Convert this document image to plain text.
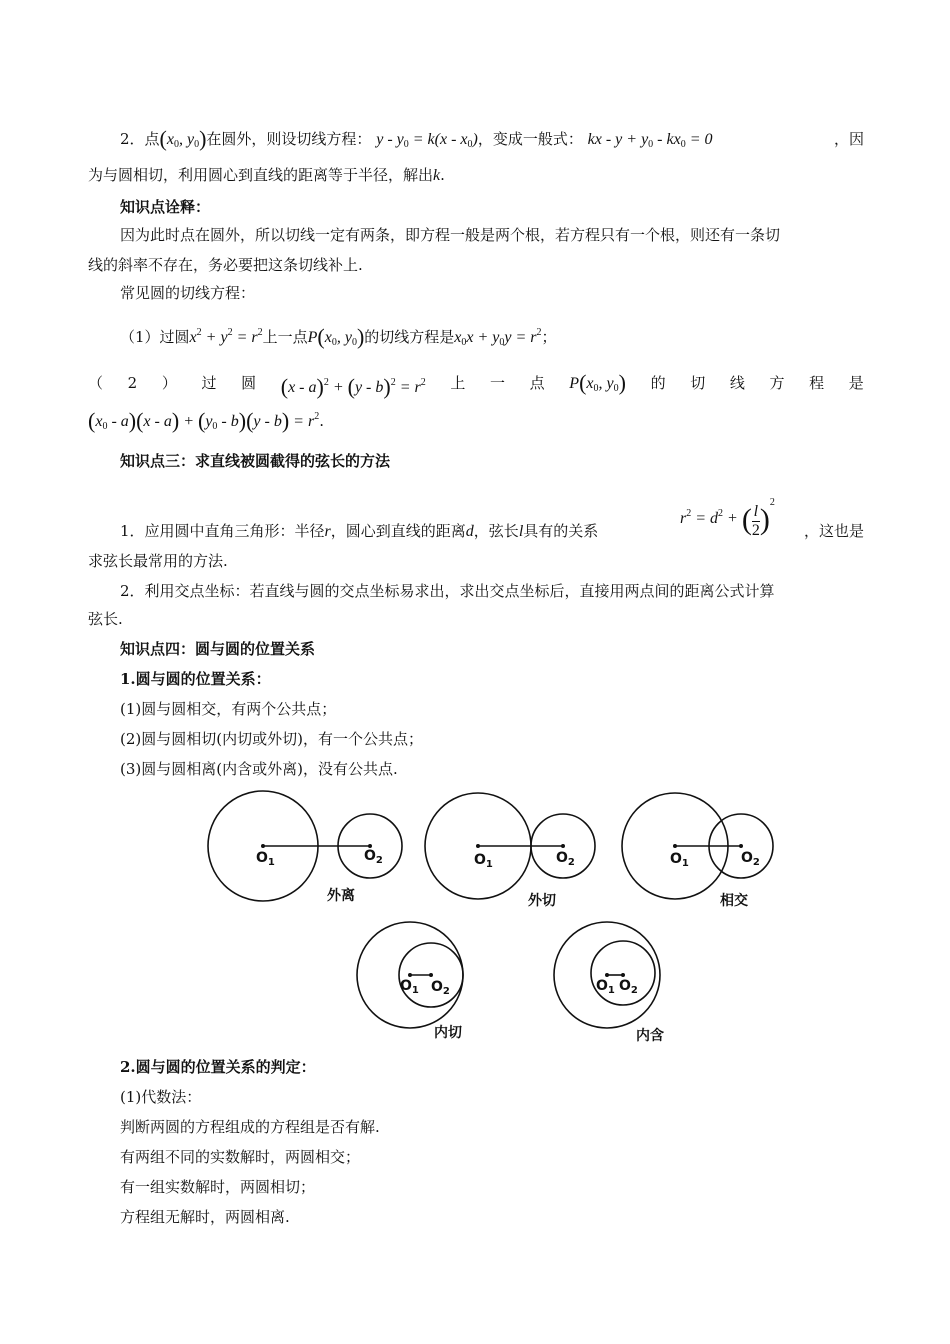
2．点($x_0$, $y_0$)在圆外，则设切线方程： $y - y_0 = k(x - x_0)$，变成一般式： kx - $y + y_0 - kx_0 = 0$	，因
为与圆相切，利用圆心到直线的距离等于半径，解出k.
知识点诠释：
因为此时点在圆外，所以切线一定有两条，即方程一般是两个根，若方程只有一个根，则还有一条切
线的斜率不存在，务必要把这条切线补上.
常见圆的切线方程：
（1）过圆$x^2 + y^2 = r^2$上一点$P(x_0$, $y_0$)的切线方程是$x_0x + y_0y = r^2$；
（ 2 ） 过 圆 $(x - a)^2 + (y - b)^2 = r^2$ 上 一 点 $P(x_0$, $y_0$) 的 切 线 方 程 是
$(x_0 - a)(x - a) + (y_0 - b)(y - b) = r^2$.
知识点三：求直线被圆截得的弦长的方法
1．应用圆中直角三角形：半径r，圆心到直线的距离d，弦长l具有的关系
$r^2 = d^2$ + ( $\frac{l}{2} )^2$
，这也是
求弦长最常用的方法.
2．利用交点坐标：若直线与圆的交点坐标易求出，求出交点坐标后，直接用两点间的距离公式计算
弦长.
知识点四：圆与圆的位置关系
1.圆与圆的位置关系：
(1)圆与圆相交，有两个公共点；
(2)圆与圆相切(内切或外切)，有一个公共点；
(3)圆与圆相离(内含或外离)，没有公共点.
$O_1$	$O_2$	$O_1$	$O_2$	$O_1$	$O_2$
$O_1$ $O_2$	$O_1$ $O_2$
外离	外切	相交
内切	内含
2.圆与圆的位置关系的判定：
(1)代数法：
判断两圆的方程组成的方程组是否有解.
有两组不同的实数解时，两圆相交；
有一组实数解时，两圆相切；
方程组无解时，两圆相离.
